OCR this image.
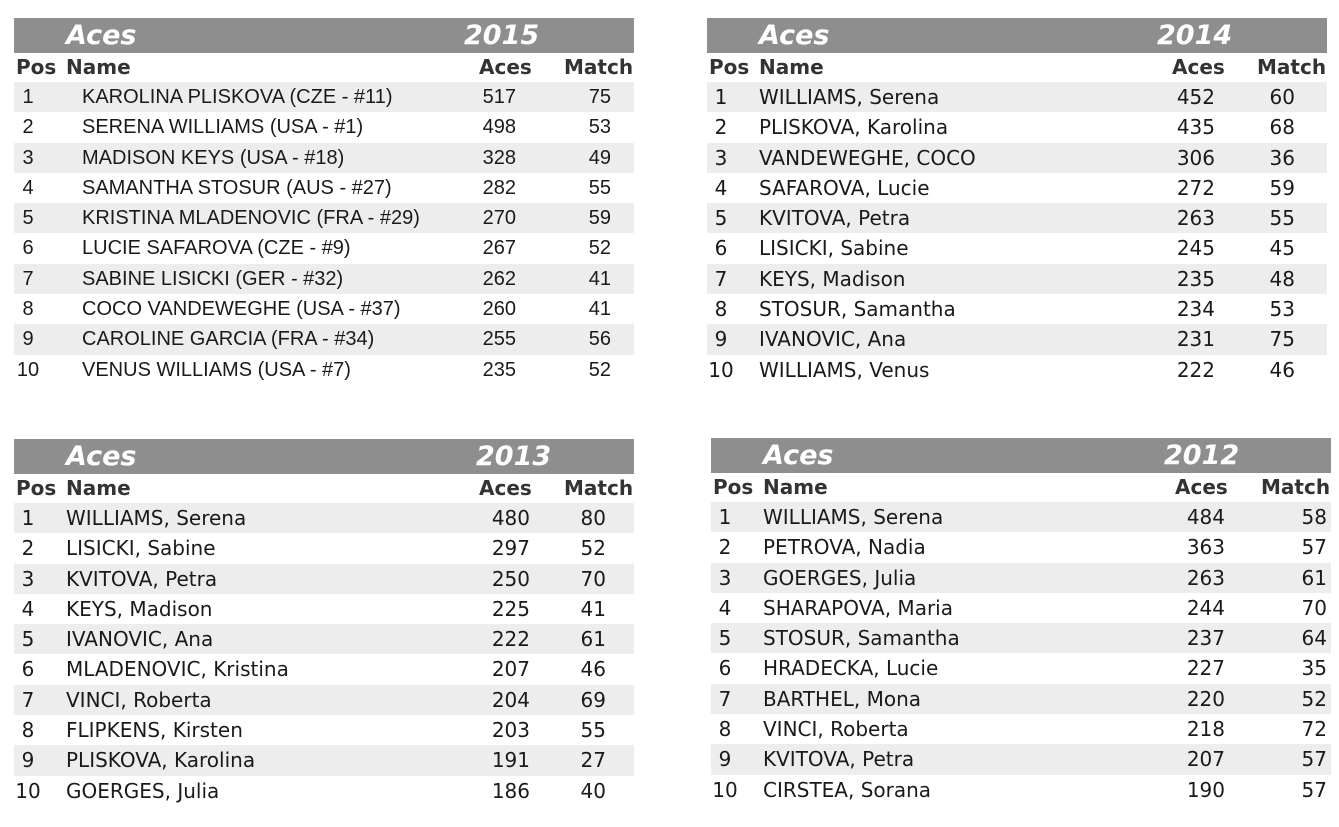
Aces	2015
Pos Name	Aces Match
1	KAROLINA PLISKOVA (CZE - #11)	517	75
2	SERENA WILLIAMS (USA - #1)	498	53
3	MADISON KEYS (USA - #18)	328	49
4	SAMANTHA STOSUR (AUS - #27)	282	55
5	KRISTINA MLADENOVIC (FRA - #29)	270	59
6	LUCIE SAFAROVA (CZE - #9)	267	52
7	SABINE LISICKI (GER - #32)	262	41
8	COCO VANDEWEGHE (USA - #37)	260	41
9	CAROLINE GARCIA (FRA - #34)	255	56
10 VENUS WILLIAMS (USA - #7)	235	52
Aces	2014
Pos Name	Aces Match
1	WILLIAMS, Serena	452	60
2	PLISKOVA, Karolina	435	68
3	VANDEWEGHE, COCO	306	36
4	SAFAROVA, Lucie	272	59
5	KVITOVA, Petra	263	55
6	LISICKI, Sabine	245	45
7	KEYS, Madison	235	48
8	STOSUR, Samantha	234	53
9	IVANOVIC, Ana	231	75
10 WILLIAMS, Venus	222	46
Aces	2013
Pos Name	Aces Match
1	WILLIAMS, Serena	480	80
2	LISICKI, Sabine	297	52
3	KVITOVA, Petra	250	70
4	KEYS, Madison	225	41
5	IVANOVIC, Ana	222	61
6	MLADENOVIC, Kristina	207	46
7	VINCI, Roberta	204	69
8	FLIPKENS, Kirsten	203	55
9	PLISKOVA, Karolina	191	27
10 GOERGES, Julia	186	40
Aces	2012
Pos Name	Aces Match
1	WILLIAMS, Serena	484	58
2	PETROVA, Nadia	363	57
3	GOERGES, Julia	263	61
4	SHARAPOVA, Maria	244	70
5	STOSUR, Samantha	237	64
6	HRADECKA, Lucie	227	35
7	BARTHEL, Mona	220	52
8	VINCI, Roberta	218	72
9	KVITOVA, Petra	207	57
10 CIRSTEA, Sorana	190	57
